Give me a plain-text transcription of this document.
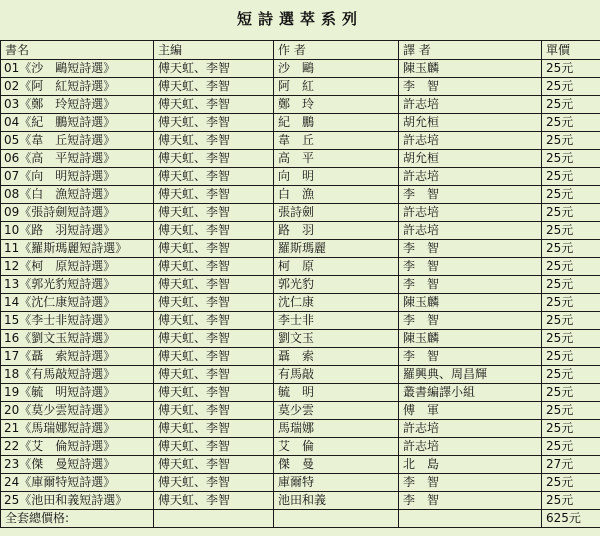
短詩選萃系列
書名	主編	作 者	譯 者	單價
01《沙　鷗短詩選》	傅天虹、李智	沙　鷗	陳玉麟	25元
02《阿　紅短詩選》	傅天虹、李智	阿　紅	李　智	25元
03《鄭　玲短詩選》	傅天虹、李智	鄭　玲	許志培	25元
04《紀　鵬短詩選》	傅天虹、李智	紀　鵬	胡允桓	25元
05《韋　丘短詩選》	傅天虹、李智	韋　丘	許志培	25元
06《高　平短詩選》	傅天虹、李智	高　平	胡允桓	25元
07《向　明短詩選》	傅天虹、李智	向　明	許志培	25元
08《白　漁短詩選》	傅天虹、李智	白　漁	李　智	25元
09《張詩劍短詩選》	傅天虹、李智	張詩劍	許志培	25元
10《路　羽短詩選》	傅天虹、李智	路　羽	許志培	25元
11《羅斯瑪麗短詩選》	傅天虹、李智	羅斯瑪麗	李　智	25元
12《柯　原短詩選》	傅天虹、李智	柯　原	李　智	25元
13《郭光豹短詩選》	傅天虹、李智	郭光豹	李　智	25元
14《沈仁康短詩選》	傅天虹、李智	沈仁康	陳玉麟	25元
15《李士非短詩選》	傅天虹、李智	李士非	李　智	25元
16《劉文玉短詩選》	傅天虹、李智	劉文玉	陳玉麟	25元
17《聶　索短詩選》	傅天虹、李智	聶　索	李　智	25元
18《有馬敲短詩選》	傅天虹、李智	有馬敲	羅興典、周昌輝	25元
19《毓　明短詩選》	傅天虹、李智	毓　明	叢書編譯小組	25元
20《莫少雲短詩選》	傅天虹、李智	莫少雲	傅　軍	25元
21《馬瑞娜短詩選》	傅天虹、李智	馬瑞娜	許志培	25元
22《艾　倫短詩選》	傅天虹、李智	艾　倫	許志培	25元
23《傑　曼短詩選》	傅天虹、李智	傑　曼	北　島	27元
24《庫爾特短詩選》	傅天虹、李智	庫爾特	李　智	25元
25《池田和義短詩選》	傅天虹、李智	池田和義	李　智	25元
全套總價格:				625元
